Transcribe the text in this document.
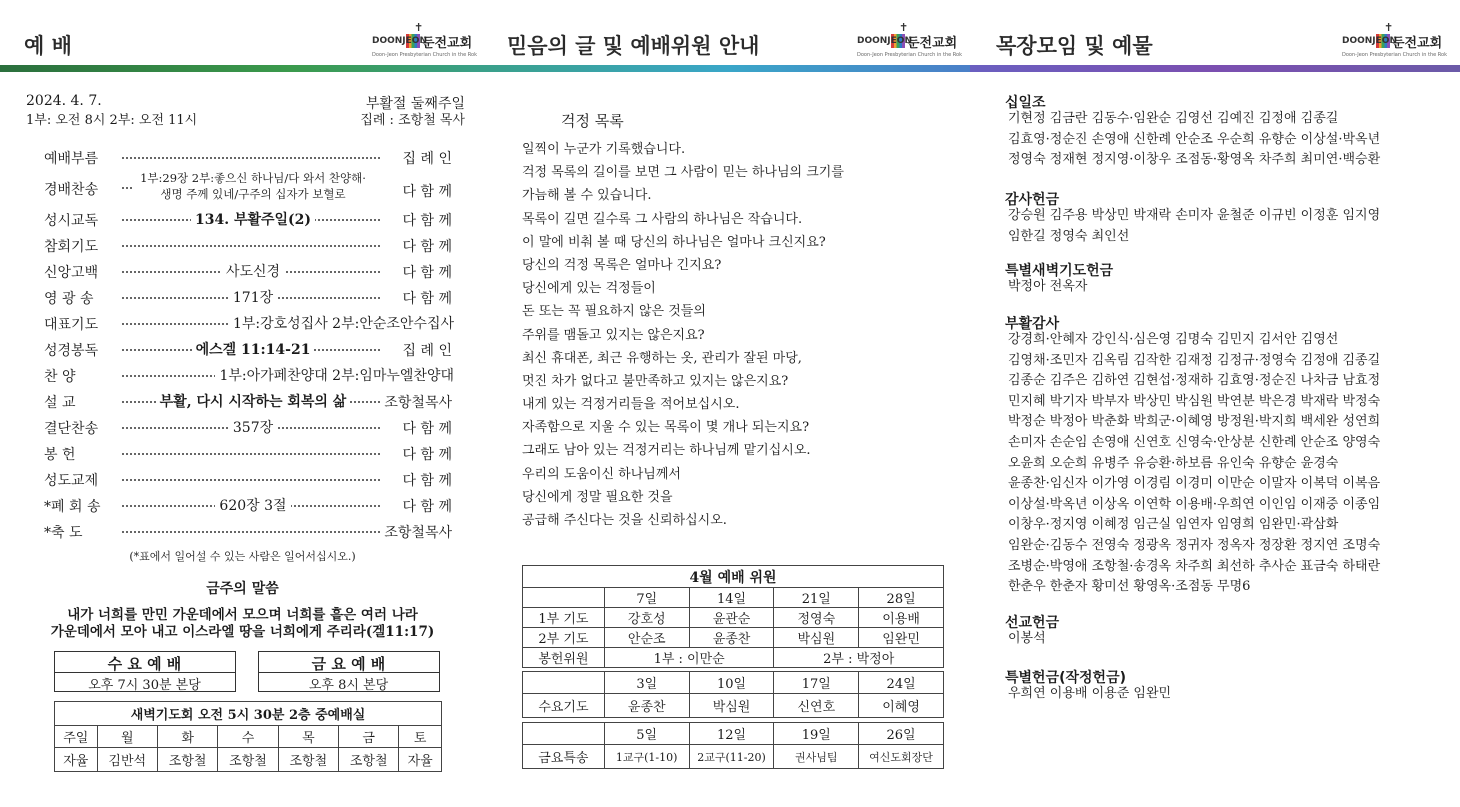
예 배
✝
DOONJEON
둔전교회
Doon-Jeon Presbyterian Church in the Rok
2024. 4. 7.
1부: 오전 8시 2부: 오전 11시
부활절 둘째주일
집례 : 조항철 목사
예배부름	집 례 인
경배찬송
1부:29장 2부:좋으신 하나님/다 와서 찬양해·
생명 주께 있네/구주의 십자가 보혈로	다 함 께
성시교독	134. 부활주일(2)	다 함 께
참회기도	다 함 께
신앙고백	사도신경	다 함 께
영 광 송	171장	다 함 께
대표기도	1부:강호성집사 2부:안순조안수집사
성경봉독	에스겔 11:14-21	집 례 인
찬 양	1부:아가페찬양대 2부:임마누엘찬양대
설 교	부활, 다시 시작하는 회복의 삶	조항철목사
결단찬송	357장	다 함 께
봉 헌	다 함 께
성도교제	다 함 께
*폐 회 송	620장 3절	다 함 께
*축 도	조항철목사
(*표에서 일어설 수 있는 사람은 일어서십시오.)
금주의 말씀
내가 너희를 만민 가운데에서 모으며 너희를 흩은 여러 나라
가운데에서 모아 내고 이스라엘 땅을 너희에게 주리라(겔11:17)
수 요 예 배
오후 7시 30분 본당
금 요 예 배
오후 8시 본당
새벽기도회 오전 5시 30분 2층 중예배실						
주일	월	화	수	목	금	토
자율	김반석	조항철	조항철	조항철	조항철	자율
믿음의 글 및 예배위원 안내
✝
DOONJEON
둔전교회
Doon-Jeon Presbyterian Church in the Rok
걱정 목록
일찍이 누군가 기록했습니다.
걱정 목록의 길이를 보면 그 사람이 믿는 하나님의 크기를
가늠해 볼 수 있습니다.
목록이 길면 길수록 그 사람의 하나님은 작습니다.
이 말에 비춰 볼 때 당신의 하나님은 얼마나 크신지요?
당신의 걱정 목록은 얼마나 긴지요?
당신에게 있는 걱정들이
돈 또는 꼭 필요하지 않은 것들의
주위를 맴돌고 있지는 않은지요?
최신 휴대폰, 최근 유행하는 옷, 관리가 잘된 마당,
멋진 차가 없다고 불만족하고 있지는 않은지요?
내게 있는 걱정거리들을 적어보십시오.
자족함으로 지울 수 있는 목록이 몇 개나 되는지요?
그래도 남아 있는 걱정거리는 하나님께 맡기십시오.
우리의 도움이신 하나님께서
당신에게 정말 필요한 것을
공급해 주신다는 것을 신뢰하십시오.
4월 예배 위원				
	7일	14일	21일	28일
1부 기도	강호성	윤관순	정영숙	이용배
2부 기도	안순조	윤종찬	박심원	임완민
봉헌위원	1부 : 이만순		2부 : 박정아	
	3일	10일	17일	24일
수요기도	윤종찬	박심원	신연호	이혜영
	5일	12일	19일	26일
금요특송	1교구(1-10)	2교구(11-20)	권사님팀	여신도회장단
목장모임 및 예물
✝
DOONJEON
둔전교회
Doon-Jeon Presbyterian Church in the Rok
십일조
기현정 김금란 김동수·임완순 김영선 김예진 김정애 김종길
김효영·정순진 손영애 신한례 안순조 우순희 유향순 이상설·박옥년
정영숙 정재현 정지영·이창우 조점동·황영옥 차주희 최미연·백승환
감사헌금
강승원 김주용 박상민 박재락 손미자 윤철준 이규빈 이정훈 임지영
임한길 정영숙 최인선
특별새벽기도헌금
박정아 전옥자
부활감사
강경희·안혜자 강인식·심은영 김명숙 김민지 김서안 김영선
김영채·조민자 김옥림 김작한 김재정 김정규·정영숙 김정애 김종길
김종순 김주은 김하연 김현섭·정재하 김효영·정순진 나차금 남효정
민지혜 박기자 박부자 박상민 박심원 박연분 박은경 박재락 박정숙
박정순 박정아 박춘화 박희군·이혜영 방정원·박지희 백세완 성연희
손미자 손순임 손영애 신연호 신영숙·안상분 신한례 안순조 양영숙
오윤희 오순희 유병주 유승환·하보름 유인숙 유향순 윤경숙
윤종찬·임신자 이가영 이경림 이경미 이만순 이말자 이복덕 이복음
이상설·박옥년 이상옥 이연학 이용배·우희연 이인임 이재중 이종임
이창우·정지영 이혜정 임근실 임연자 임영희 임완민·곽삼화
임완순·김동수 전영숙 정광옥 정귀자 정옥자 정장환 정지연 조명숙
조병순·박영애 조항철·송경옥 차주희 최선하 추사순 표금숙 하태란
한춘우 한춘자 황미선 황영옥·조점동 무명6
선교헌금
이봉석
특별헌금(작정헌금)
우희연 이용배 이용준 임완민
